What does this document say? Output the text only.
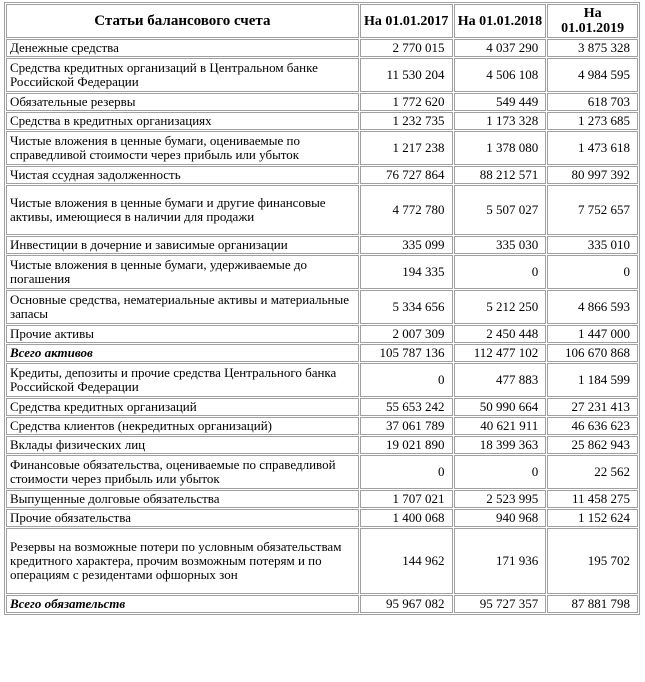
Статьи балансового счета	На 01.01.2017	На 01.01.2018	На 01.01.2019
Денежные средства	2 770 015	4 037 290	3 875 328
Средства кредитных организаций в Центральном банке Российской Федерации	11 530 204	4 506 108	4 984 595
Обязательные резервы	1 772 620	549 449	618 703
Средства в кредитных организациях	1 232 735	1 173 328	1 273 685
Чистые вложения в ценные бумаги, оцениваемые по справедливой стоимости через прибыль или убыток	1 217 238	1 378 080	1 473 618
Чистая ссудная задолженность	76 727 864	88 212 571	80 997 392
Чистые вложения в ценные бумаги и другие финансовые активы, имеющиеся в наличии для продажи	4 772 780	5 507 027	7 752 657
Инвестиции в дочерние и зависимые организации	335 099	335 030	335 010
Чистые вложения в ценные бумаги, удерживаемые до погашения	194 335	0	0
Основные средства, нематериальные активы и материальные запасы	5 334 656	5 212 250	4 866 593
Прочие активы	2 007 309	2 450 448	1 447 000
Всего активов	105 787 136	112 477 102	106 670 868
Кредиты, депозиты и прочие средства Центрального банка Российской Федерации	0	477 883	1 184 599
Средства кредитных организаций	55 653 242	50 990 664	27 231 413
Средства клиентов (некредитных организаций)	37 061 789	40 621 911	46 636 623
Вклады физических лиц	19 021 890	18 399 363	25 862 943
Финансовые обязательства, оцениваемые по справедливой стоимости через прибыль или убыток	0	0	22 562
Выпущенные долговые обязательства	1 707 021	2 523 995	11 458 275
Прочие обязательства	1 400 068	940 968	1 152 624
Резервы на возможные потери по условным обязательствам кредитного характера, прочим возможным потерям и по операциям с резидентами офшорных зон	144 962	171 936	195 702
Всего обязательств	95 967 082	95 727 357	87 881 798
